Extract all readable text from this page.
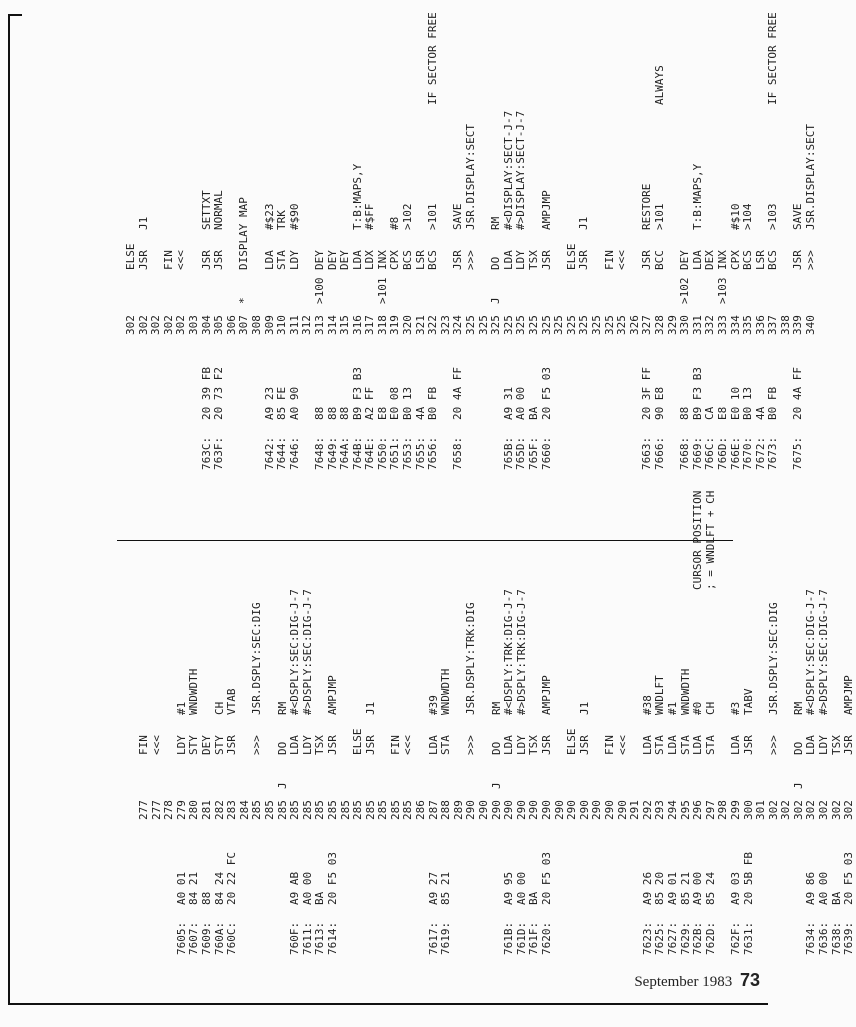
277
FIN
277
<<<
278
7605:
A0 01
279
LDY
#1
7607:
84 21
280
STY
WNDWDTH
7609:
88
281
DEY
760A:
84 24
282
STY
CH
760C:
20 22 FC
283
JSR
VTAB
284 285
>>>
JSR.DSPLY:SEC:DIG
285 285
J
DO
RM
760F:
A9 AB
285
LDA
#<DSPLY:SEC:DIG-J-7
7611:
A0 00
285
LDY
#>DSPLY:SEC:DIG-J-7
7613:
BA
285
TSX
7614:
20 F5 03
285
JSR
AMPJMP
285 285
ELSE
285
JSR
J1
285 285
FIN
285
<<<
286
7617:
A9 27
287
LDA
#39
7619:
85 21
288
STA
WNDWDTH
289 290
>>>
JSR.DSPLY:TRK:DIG
290 290
J
DO
RM
761B:
A9 95
290
LDA
#<DSPLY:TRK:DIG-J-7
761D:
A0 00
290
LDY
#>DSPLY:TRK:DIG-J-7
761F:
BA
290
TSX
7620:
20 F5 03
290
JSR
AMPJMP
290 290
ELSE
290
JSR
J1
290 290
FIN
290
<<<
291
7623:
A9 26
292
LDA
#38
7625:
85 20
293
STA
WNDLFT
7627:
A9 01
294
LDA
#1
7629:
85 21
295
STA
WNDWDTH
762B:
A9 00
296
LDA
#0
CURSOR POSITION
762D:
85 24
297
STA
CH
; = WNDLFT + CH
298
762F:
A9 03
299
LDA
#3
7631:
20 5B FB
300
JSR
TABV
301 302
>>>
JSR.DSPLY:SEC:DIG
302 302
J
DO
RM
7634:
A9 86
302
LDA
#<DSPLY:SEC:DIG-J-7
7636:
A0 00
302
LDY
#>DSPLY:SEC:DIG-J-7
7638:
BA
302
TSX
7639:
20 F5 03
302
JSR
AMPJMP
302
ELSE
302
JSR
J1
302 302
FIN
302
<<<
303
763C:
20 39 FB
304
JSR
SETTXT
763F:
20 73 F2
305
JSR
NORMAL
306 307
*
DISPLAY MAP
308
7642:
A9 23
309
LDA
#$23
7644:
85 FE
310
STA
TRK
7646:
A0 90
311
LDY
#$90
312
7648:
88
313
>100
DEY
7649:
88
314
DEY
764A:
88
315
DEY
764B:
B9 F3 B3
316
LDA
T:B:MAPS,Y
764E:
A2 FF
317
LDX
#$FF
7650:
E8
318
>101
INX
7651:
E0 08
319
CPX
#8
7653:
B0 13
320
BCS
>102
7655:
4A
321
LSR
7656:
B0 FB
322
BCS
>101
IF SECTOR FREE
323
7658:
20 4A FF
324
JSR
SAVE
325
>>>
JSR.DISPLAY:SECT
325 325
J
DO
RM
765B:
A9 31
325
LDA
#<DISPLAY:SECT-J-7
765D:
A0 00
325
LDY
#>DISPLAY:SECT-J-7
765F:
BA
325
TSX
7660:
20 F5 03
325
JSR
AMPJMP
325 325
ELSE
325
JSR
J1
325 325
FIN
325
<<<
326
7663:
20 3F FF
327
JSR
RESTORE
7666:
90 E8
328
BCC
>101
ALWAYS
329
7668:
88
330
>102
DEY
7669:
B9 F3 B3
331
LDA
T:B:MAPS,Y
766C:
CA
332
DEX
766D:
E8
333
>103
INX
766E:
E0 10
334
CPX
#$10
7670:
B0 13
335
BCS
>104
7672:
4A
336
LSR
7673:
B0 FB
337
BCS
>103
IF SECTOR FREE
338
7675:
20 4A FF
339
JSR
SAVE
340
>>>
JSR.DISPLAY:SECT
September 1983 73
